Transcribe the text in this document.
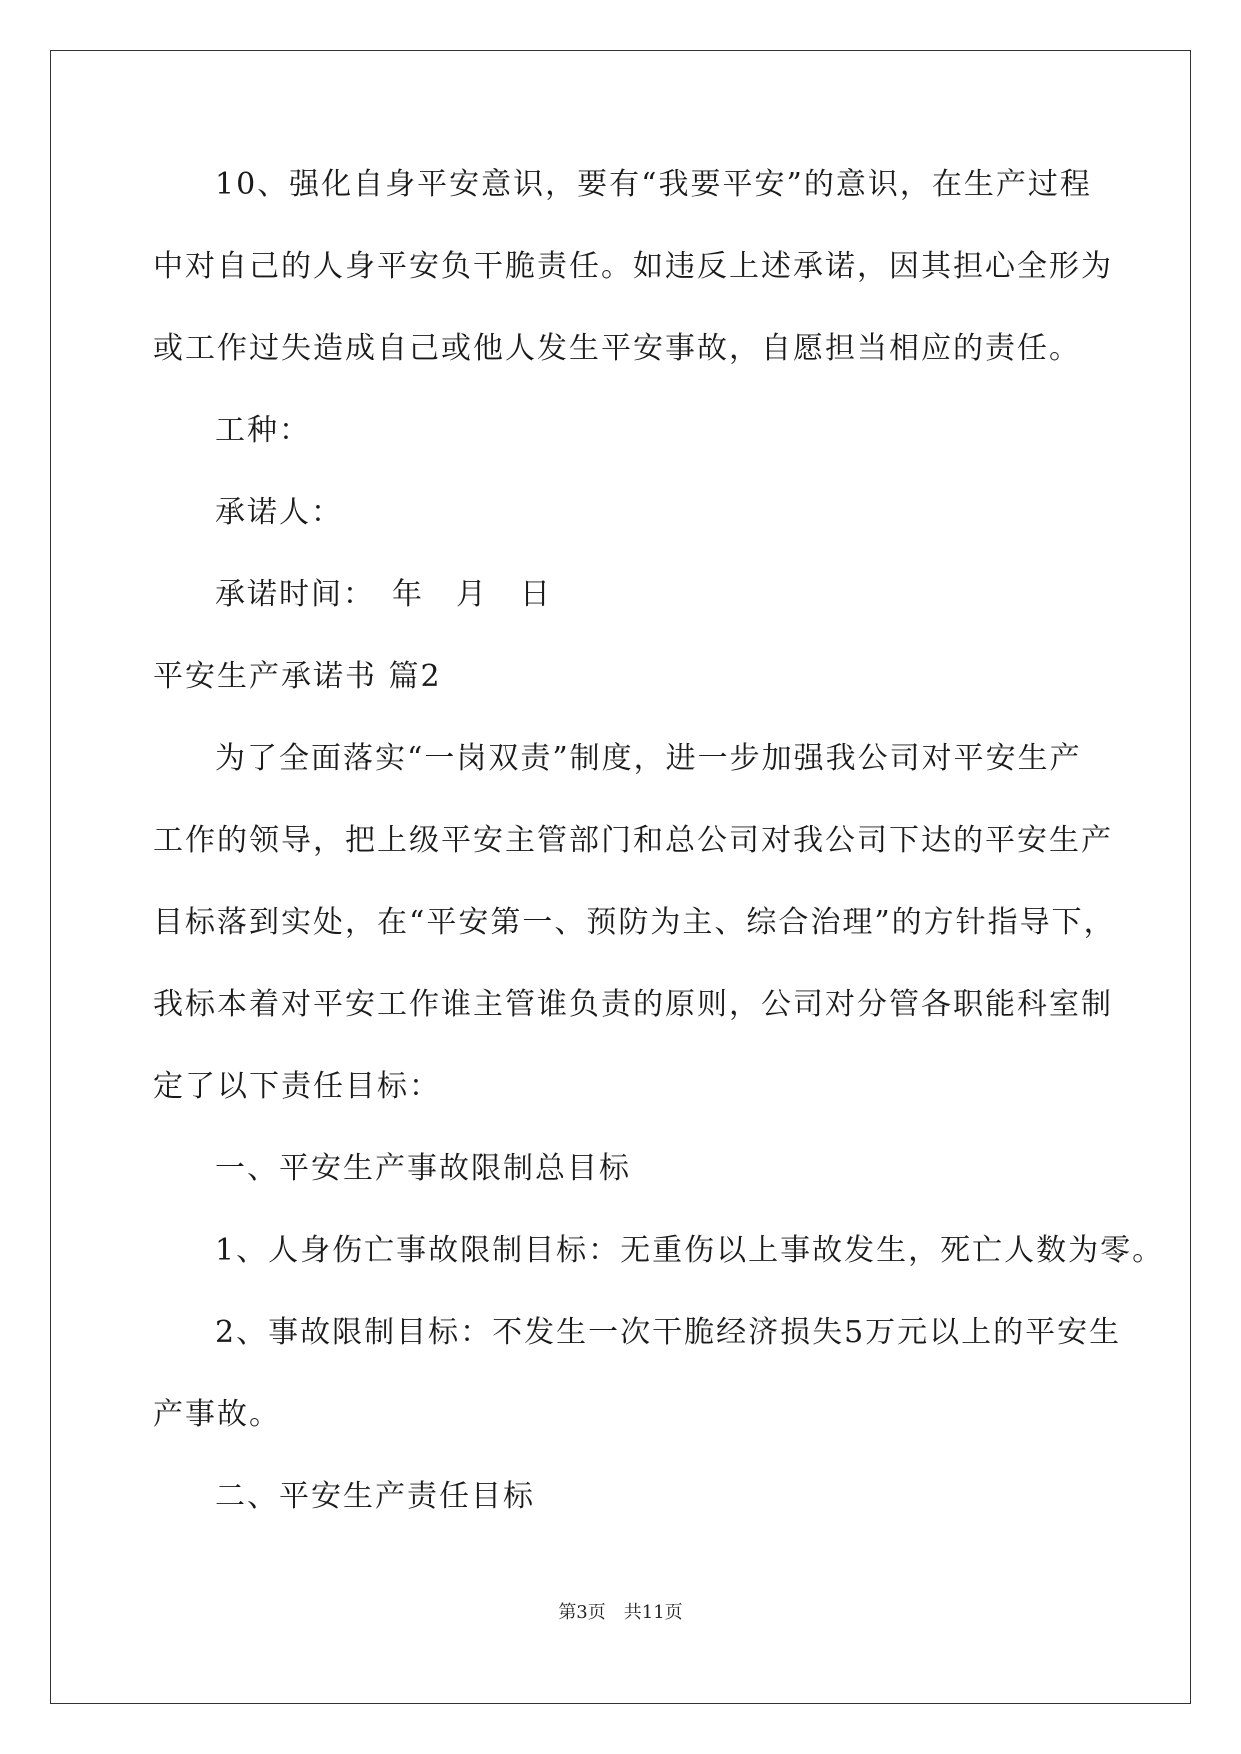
10、强化自身平安意识，要有“我要平安”的意识，在生产过程
中对自己的人身平安负干脆责任。如违反上述承诺，因其担心全形为
或工作过失造成自己或他人发生平安事故，自愿担当相应的责任。
工种：
承诺人：
承诺时间：　年　月　日
平安生产承诺书 篇2
为了全面落实“一岗双责”制度，进一步加强我公司对平安生产
工作的领导，把上级平安主管部门和总公司对我公司下达的平安生产
目标落到实处，在“平安第一、预防为主、综合治理”的方针指导下，
我标本着对平安工作谁主管谁负责的原则，公司对分管各职能科室制
定了以下责任目标：
一、平安生产事故限制总目标
1、人身伤亡事故限制目标：无重伤以上事故发生，死亡人数为零。
2、事故限制目标：不发生一次干脆经济损失5万元以上的平安生
产事故。
二、平安生产责任目标
第3页　共11页
